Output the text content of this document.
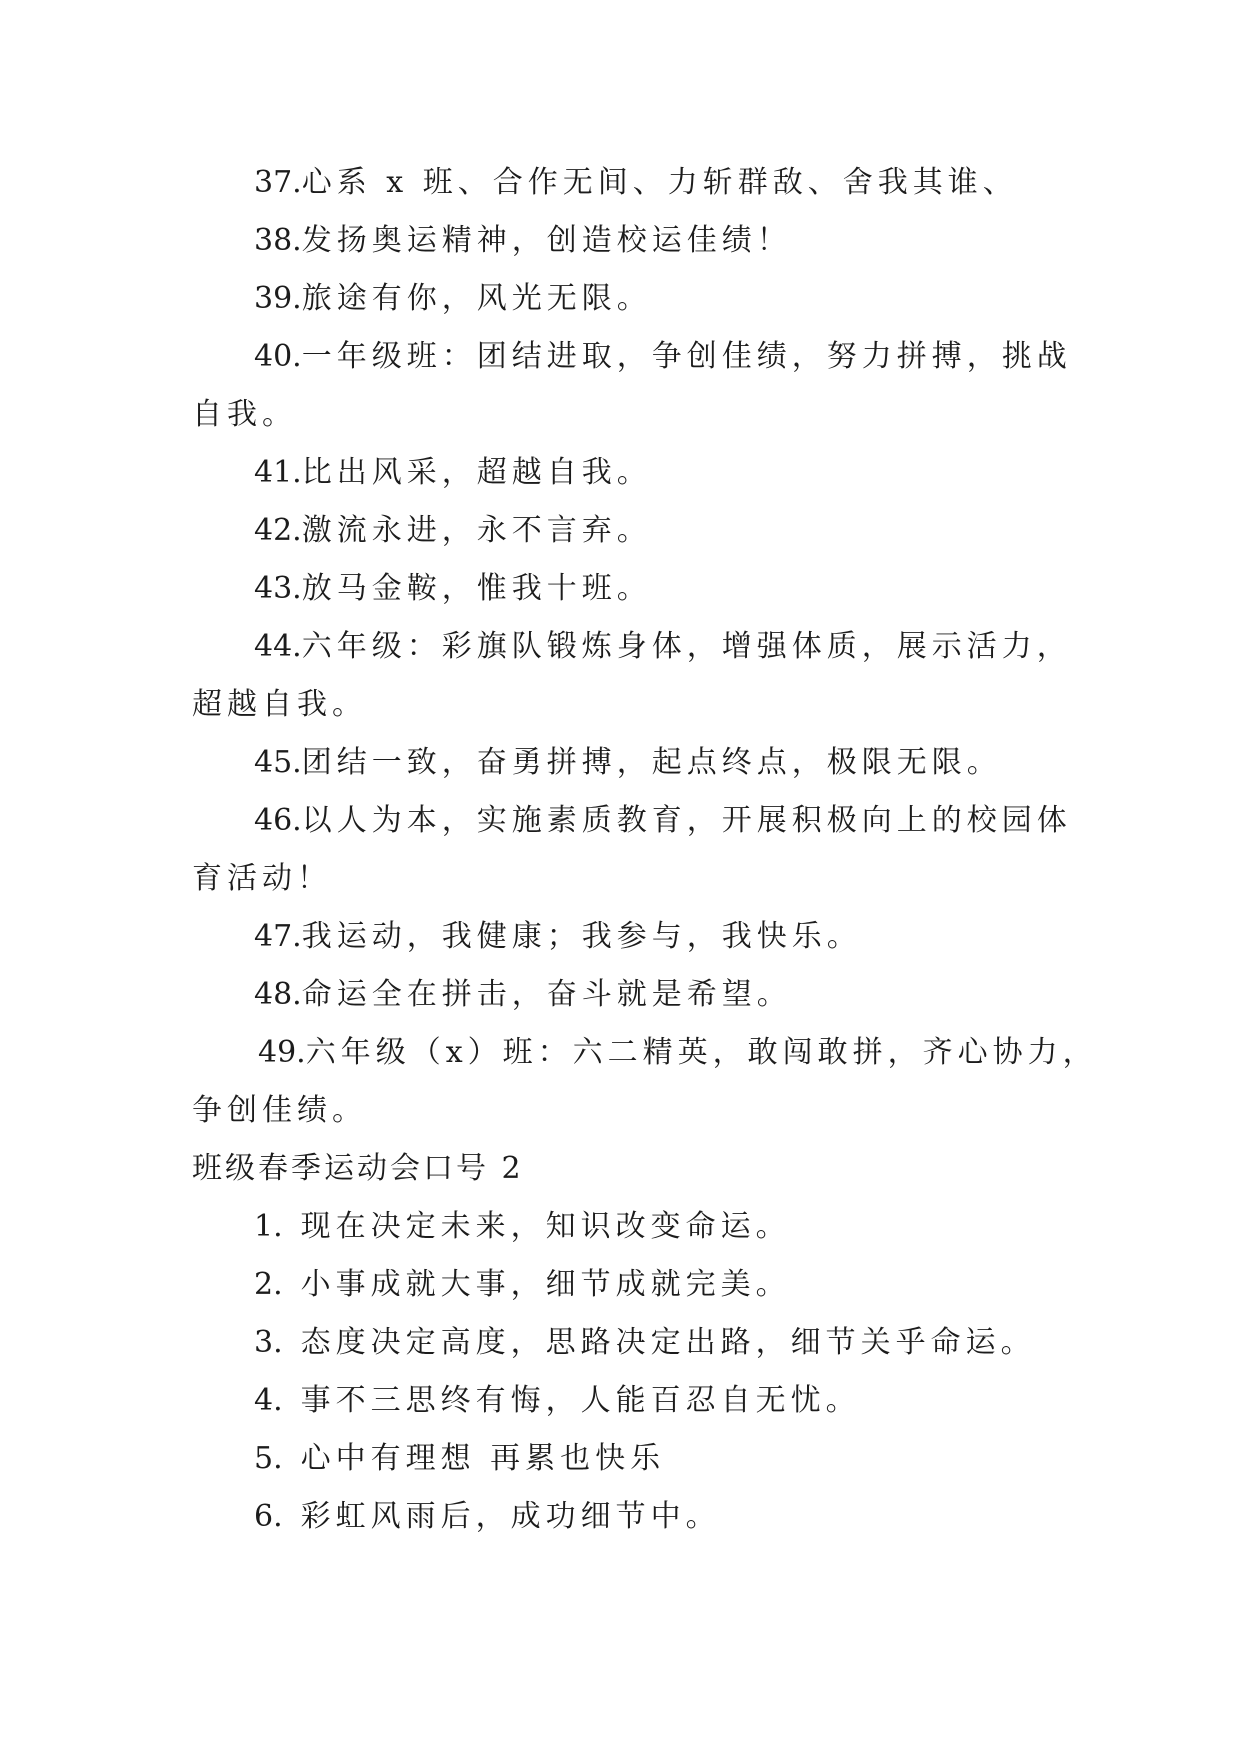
37.心系 x 班、合作无间、力斩群敌、舍我其谁、
38.发扬奥运精神，创造校运佳绩！
39.旅途有你，风光无限。
40.一年级班：团结进取，争创佳绩，努力拼搏，挑战
自我。
41.比出风采，超越自我。
42.激流永进，永不言弃。
43.放马金鞍，惟我十班。
44.六年级：彩旗队锻炼身体，增强体质，展示活力，
超越自我。
45.团结一致，奋勇拼搏，起点终点，极限无限。
46.以人为本，实施素质教育，开展积极向上的校园体
育活动！
47.我运动，我健康；我参与，我快乐。
48.命运全在拼击，奋斗就是希望。
49.六年级（x）班：六二精英，敢闯敢拼，齐心协力，
争创佳绩。
班级春季运动会口号 2
1. 现在决定未来，知识改变命运。
2. 小事成就大事，细节成就完美。
3. 态度决定高度，思路决定出路，细节关乎命运。
4. 事不三思终有悔，人能百忍自无忧。
5. 心中有理想 再累也快乐
6. 彩虹风雨后，成功细节中。
